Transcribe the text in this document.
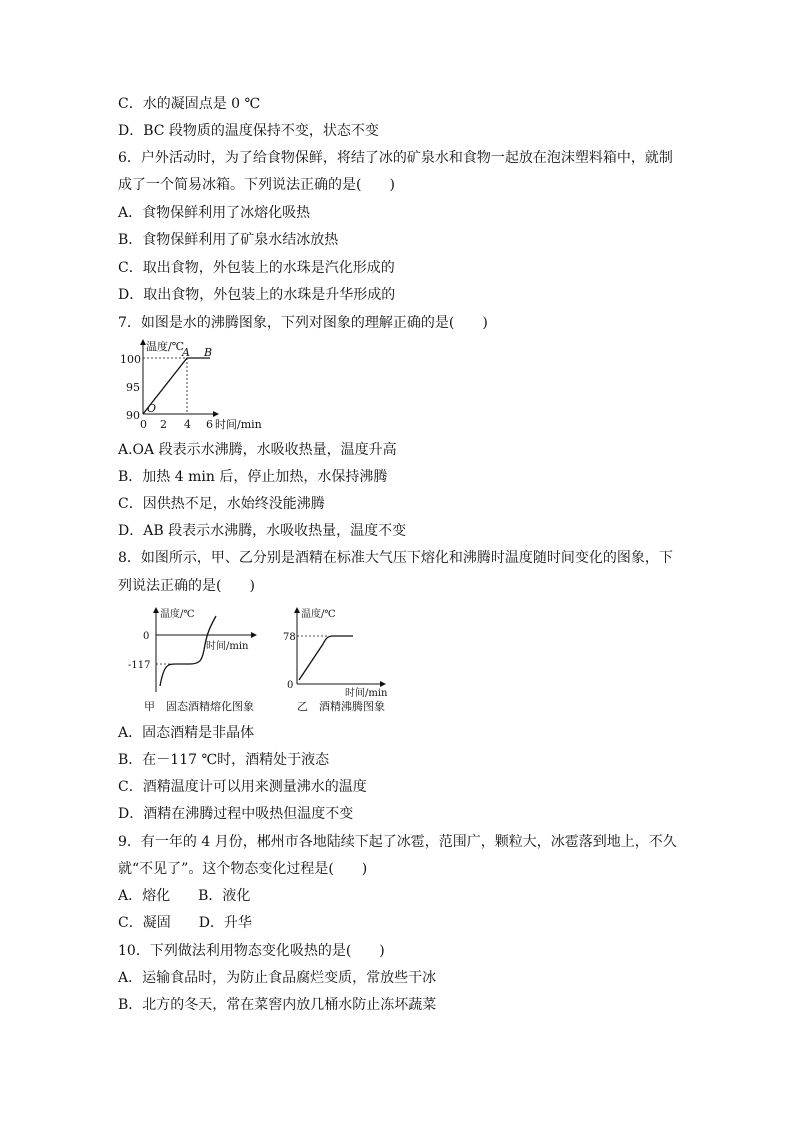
C．水的凝固点是 0 ℃
D．BC 段物质的温度保持不变，状态不变
6．户外活动时，为了给食物保鲜，将结了冰的矿泉水和食物一起放在泡沫塑料箱中，就制
成了一个简易冰箱。下列说法正确的是(　　)
A．食物保鲜利用了冰熔化吸热
B．食物保鲜利用了矿泉水结冰放热
C．取出食物，外包装上的水珠是汽化形成的
D．取出食物，外包装上的水珠是升华形成的
7．如图是水的沸腾图象，下列对图象的理解正确的是(　　)
温度/℃
时间/min
100
95
90
0 2 4 6
O
A B
A.OA 段表示水沸腾，水吸收热量，温度升高
B．加热 4 min 后，停止加热，水保持沸腾
C．因供热不足，水始终没能沸腾
D．AB 段表示水沸腾，水吸收热量，温度不变
8．如图所示，甲、乙分别是酒精在标准大气压下熔化和沸腾时温度随时间变化的图象，下
列说法正确的是(　　)
温度/℃
时间/min
0
-117
甲　固态酒精熔化图象
温度/℃
时间/min
78
0
乙　酒精沸腾图象
A．固态酒精是非晶体
B．在－117 ℃时，酒精处于液态
C．酒精温度计可以用来测量沸水的温度
D．酒精在沸腾过程中吸热但温度不变
9．有一年的 4 月份，郴州市各地陆续下起了冰雹，范围广，颗粒大，冰雹落到地上，不久
就“不见了”。这个物态变化过程是(　　)
A．熔化　　B．液化
C．凝固　　D．升华
10．下列做法利用物态变化吸热的是(　　)
A．运输食品时，为防止食品腐烂变质，常放些干冰
B．北方的冬天，常在菜窖内放几桶水防止冻坏蔬菜
